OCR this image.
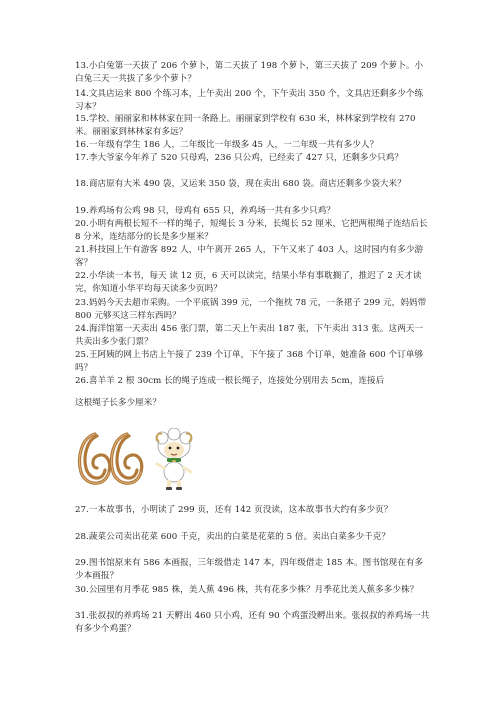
13.小白兔第一天拔了 206 个萝卜，第二天拔了 198 个萝卜，第三天拔了 209 个萝卜。小白兔三天一共拔了多少个萝卜？
14.文具店运来 800 个练习本，上午卖出 200 个，下午卖出 350 个，文具店还剩多少个练习本？
15.学校、丽丽家和林林家在同一条路上。丽丽家到学校有 630 米，林林家到学校有 270 米。丽丽家到林林家有多远？
16.一年级有学生 186 人，二年级比一年级多 45 人，一二年级一共有多少人？
17.李大爷家今年养了 520 只母鸡，236 只公鸡，已经卖了 427 只，还剩多少只鸡？
18.商店原有大米 490 袋，又运来 350 袋，现在卖出 680 袋。商店还剩多少袋大米？
19.养鸡场有公鸡 98 只，母鸡有 655 只，养鸡场一共有多少只鸡？
20.小明有两根长短不一样的绳子，短绳长 3 分米，长绳长 52 厘米，它把两根绳子连结后长 8 分米，连结部分的长是多少厘米？
21.科技园上午有游客 892 人，中午离开 265 人，下午又来了 403 人，这时园内有多少游客？
22.小华读一本书，每天 读 12 页，6 天可以读完，结果小华有事耽搁了，推迟了 2 天才读完，你知道小华平均每天读多少页吗？
23.妈妈今天去超市采购。一个平底锅 399 元，一个拖枕 78 元，一条裙子 299 元，妈妈带 800 元够买这三样东西吗？
24.海洋馆第一天卖出 456 张门票，第二天上午卖出 187 张，下午卖出 313 张。这两天一共卖出多少张门票？
25.王阿姨的网上书店上午接了 239 个订单，下午接了 368 个订单，她准备 600 个订单够吗？
26.喜羊羊 2 根 30cm 长的绳子连成一根长绳子，连接处分别用去 5cm，连接后
这根绳子长多少厘米？
27.一本故事书，小明读了 299 页，还有 142 页没读，这本故事书大约有多少页？
28.蔬菜公司卖出花菜 600 千克，卖出的白菜是花菜的 5 倍。卖出白菜多少千克？
29.图书馆原来有 586 本画报，三年级借走 147 本，四年级借走 185 本。图书馆现在有多少本画报？
30.公园里有月季花 985 株，美人蕉 496 株，共有花多少株？月季花比美人蕉多多少株？
31.张叔叔的养鸡场 21 天孵出 460 只小鸡，还有 90 个鸡蛋没孵出来。张叔叔的养鸡场一共有多少个鸡蛋？
